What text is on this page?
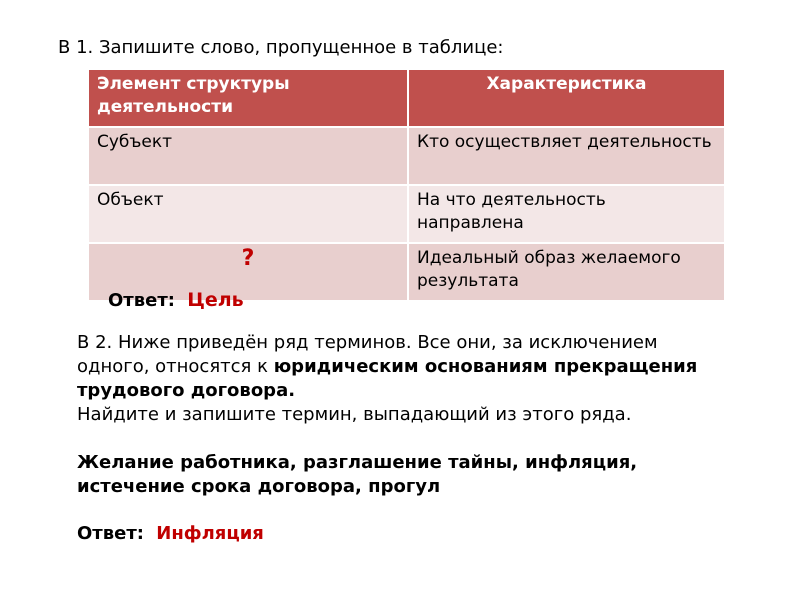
В 1. Запишите слово, пропущенное в таблице:
Элемент структуры деятельности	Характеристика
Субъект	Кто осуществляет деятельность
Объект	На что деятельность направлена
?	Идеальный образ желаемого результата
Ответ: Цель

В 2. Ниже приведён ряд терминов. Все они, за исключением одного, относятся к юридическим основаниям прекращения трудового договора.

Найдите и запишите термин, выпадающий из этого ряда.

Желание работника, разглашение тайны, инфляция, истечение срока договора, прогул
Ответ: Инфляция
